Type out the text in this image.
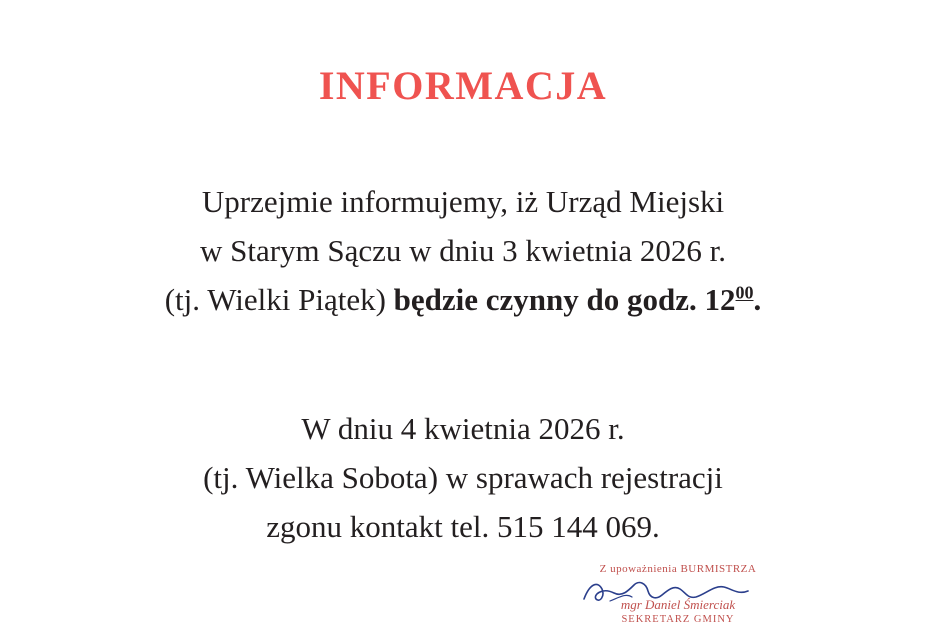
INFORMACJA
Uprzejmie informujemy, iż Urząd Miejski
w Starym Sączu w dniu 3 kwietnia 2026 r.
(tj. Wielki Piątek) będzie czynny do godz. $12^{00}$.
W dniu 4 kwietnia 2026 r.
(tj. Wielka Sobota) w sprawach rejestracji
zgonu kontakt tel. 515 144 069.
Z upoważnienia BURMISTRZA
mgr Daniel Śmierciak
SEKRETARZ GMINY
